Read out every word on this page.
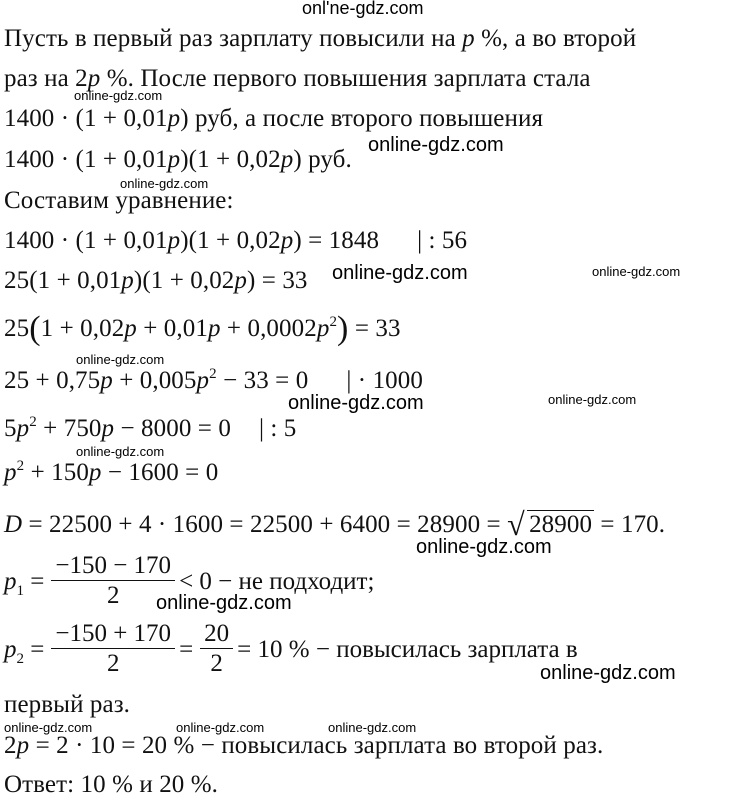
onl'ne-gdz.com
Пусть в первый раз зарплату повысили на p %, а во второй
раз на 2p %. После первого повышения зарплата стала
online-gdz.com
1400 · (1 + 0,01p) руб, а после второго повышения
1400 · (1 + 0,01p)(1 + 0,02p) руб.
online-gdz.com
online-gdz.com
Составим уравнение:
1400 · (1 + 0,01p)(1 + 0,02p) = 1848 | : 56
25(1 + 0,01p)(1 + 0,02p) = 33 online-gdz.com	online-gdz.com
$25(1 + 0,02p + 0,01p + 0,0002p^2) = 33$
online-gdz.com
$25 + 0,75p + 0,005p^2 - 33 = 0$ | · 1000
online-gdz.com	online-gdz.com
$5p^2 + 750p - 8000 = 0$ | : 5
online-gdz.com
$p^2 + 150p - 1600 = 0$
D = 22500 + 4 · 1600 = 22500 + 6400 = 28900 = √ 28900 = 170.
online-gdz.com
$p_1 = \frac{-150 - 170}{2} < 0$ − не подходит;
online-gdz.com
$p_2 = \frac{-150 + 170}{2} = \frac{20}{2} = 10$ % − повысилась зарплата в
online-gdz.com
первый раз.
online-gdz.com	online-gdz.com	online-gdz.com
2p = 2 · 10 = 20 % − повысилась зарплата во второй раз.
Ответ: 10 % и 20 %.
